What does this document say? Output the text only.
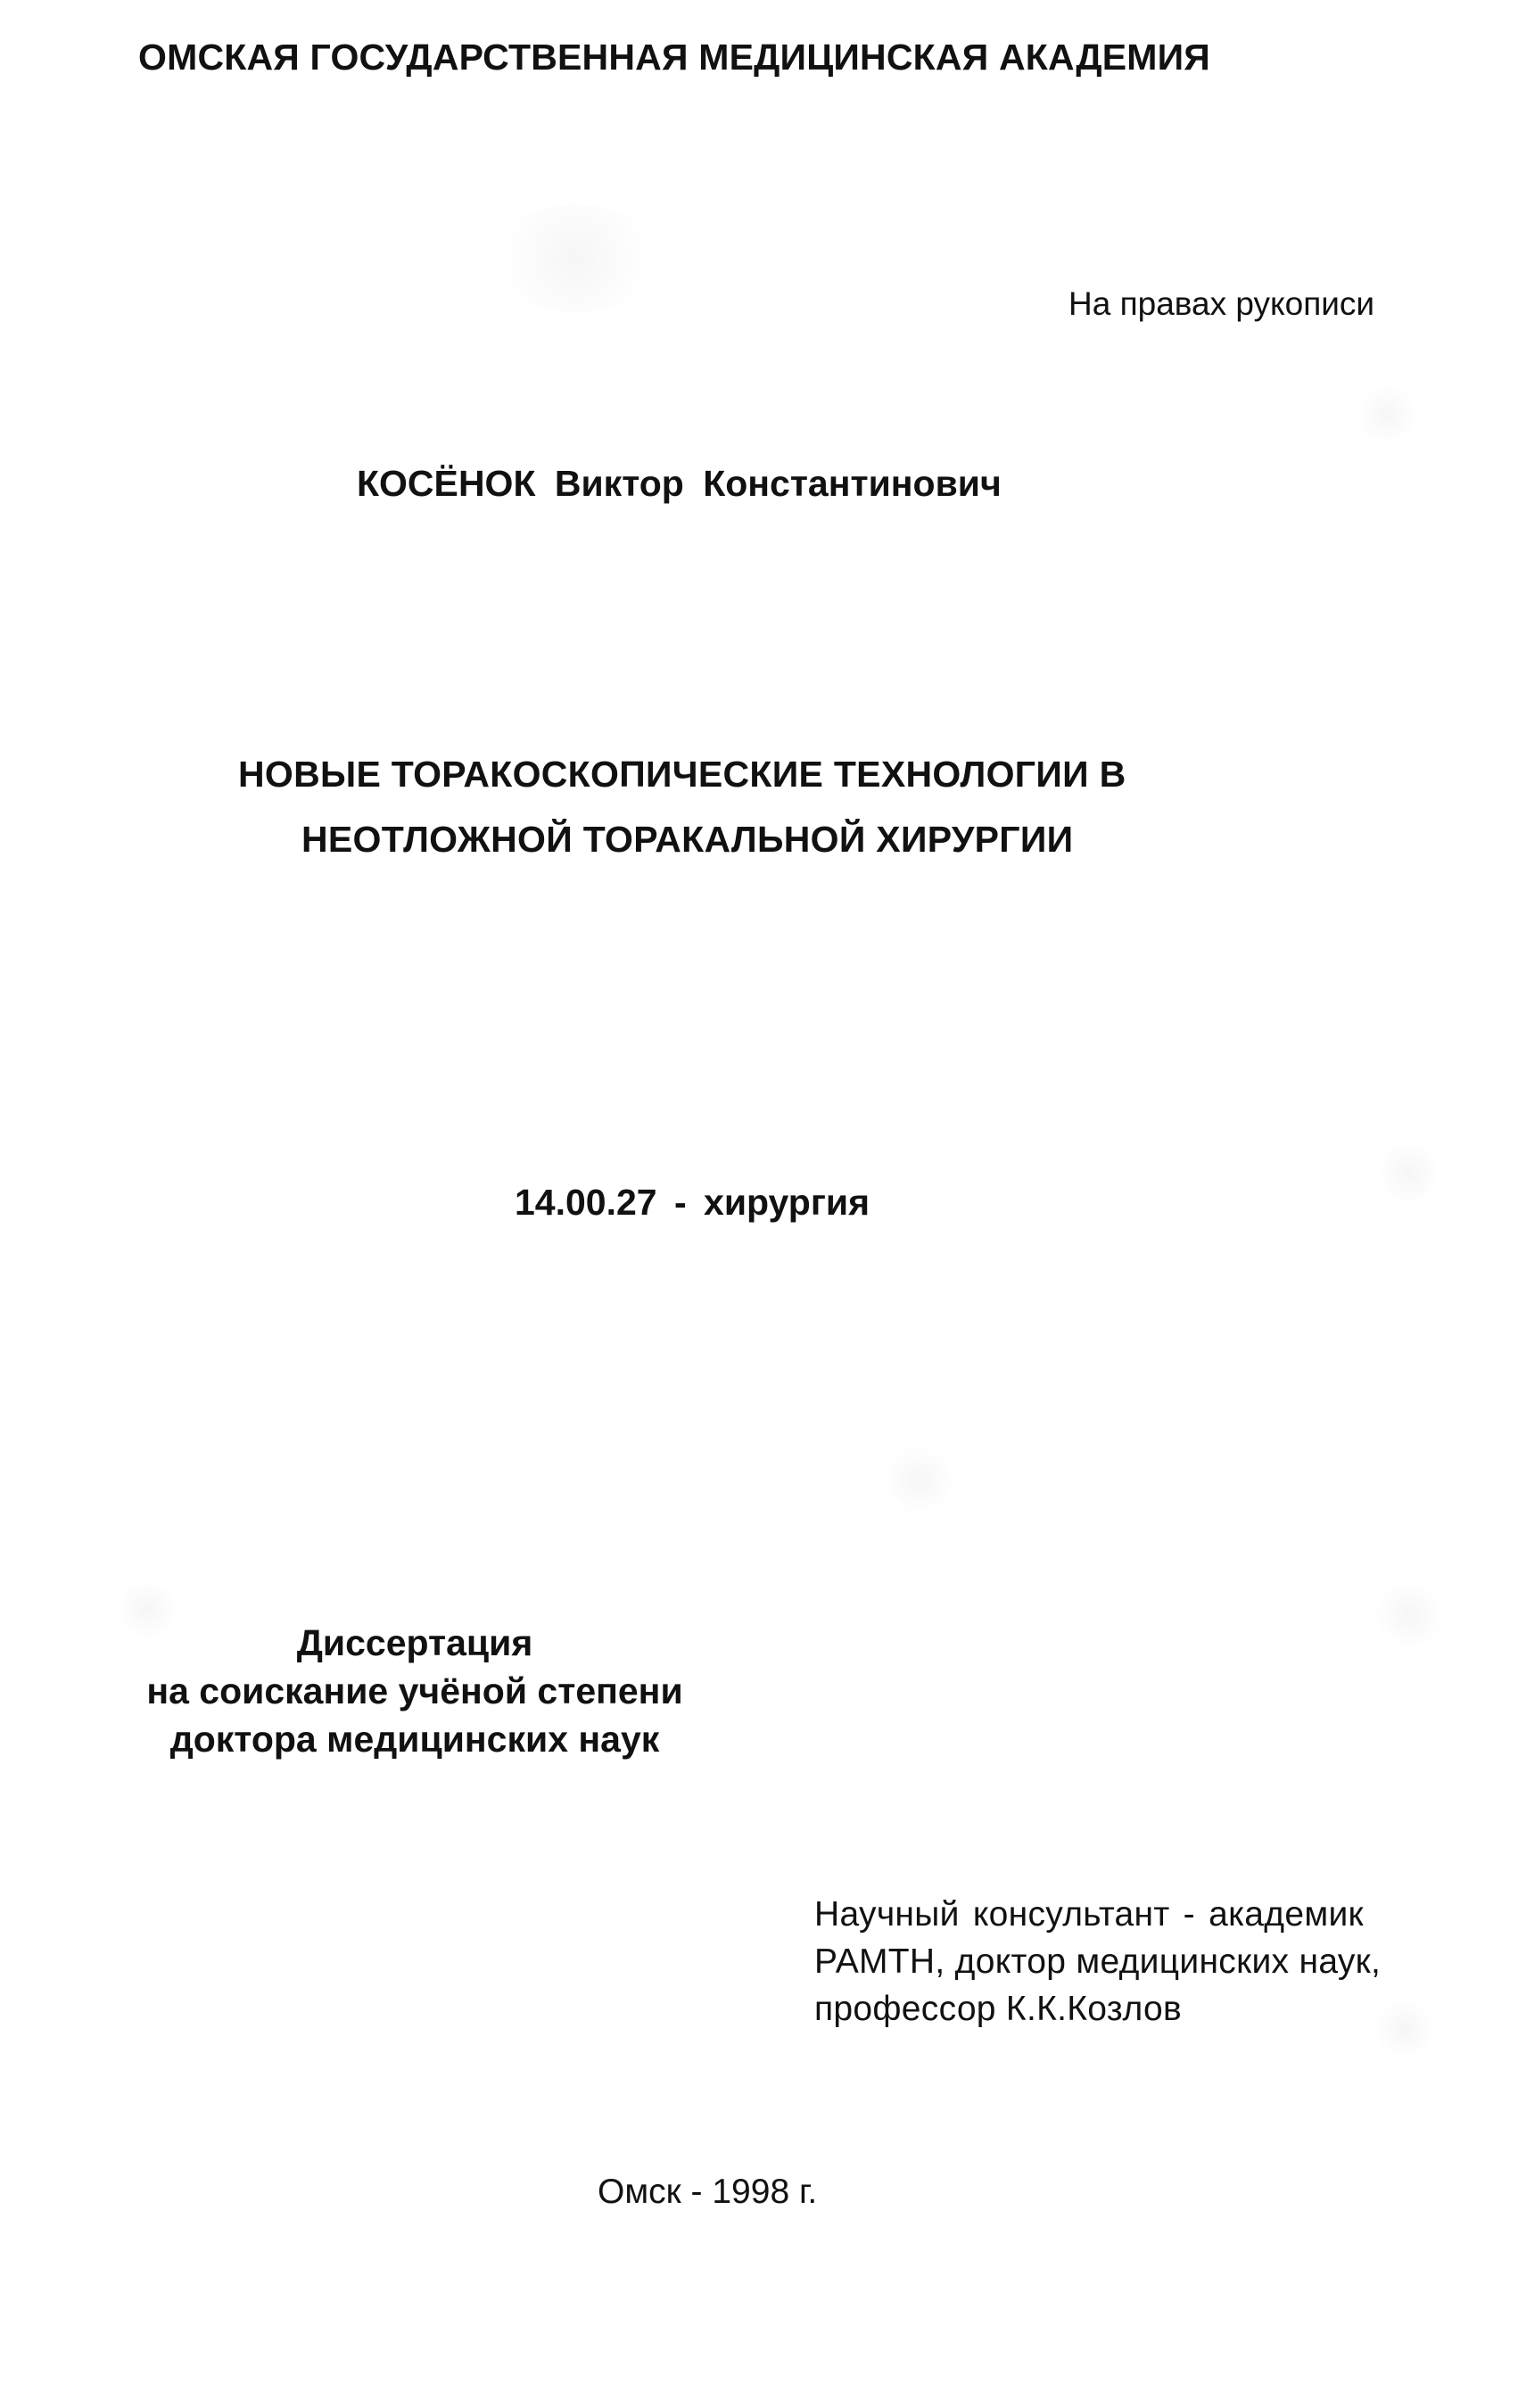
ОМСКАЯ ГОСУДАРСТВЕННАЯ МЕДИЦИНСКАЯ АКАДЕМИЯ
На правах рукописи
КОСЁНОК Виктор Константинович
НОВЫЕ ТОРАКОСКОПИЧЕСКИЕ ТЕХНОЛОГИИ В
НЕОТЛОЖНОЙ ТОРАКАЛЬНОЙ ХИРУРГИИ
14.00.27 - хирургия
Диссертация
на соискание учёной степени
доктора медицинских наук
Научный консультант - академик
РАМТН, доктор медицинских наук,
профессор К.К.Козлов
Омск - 1998 г.
